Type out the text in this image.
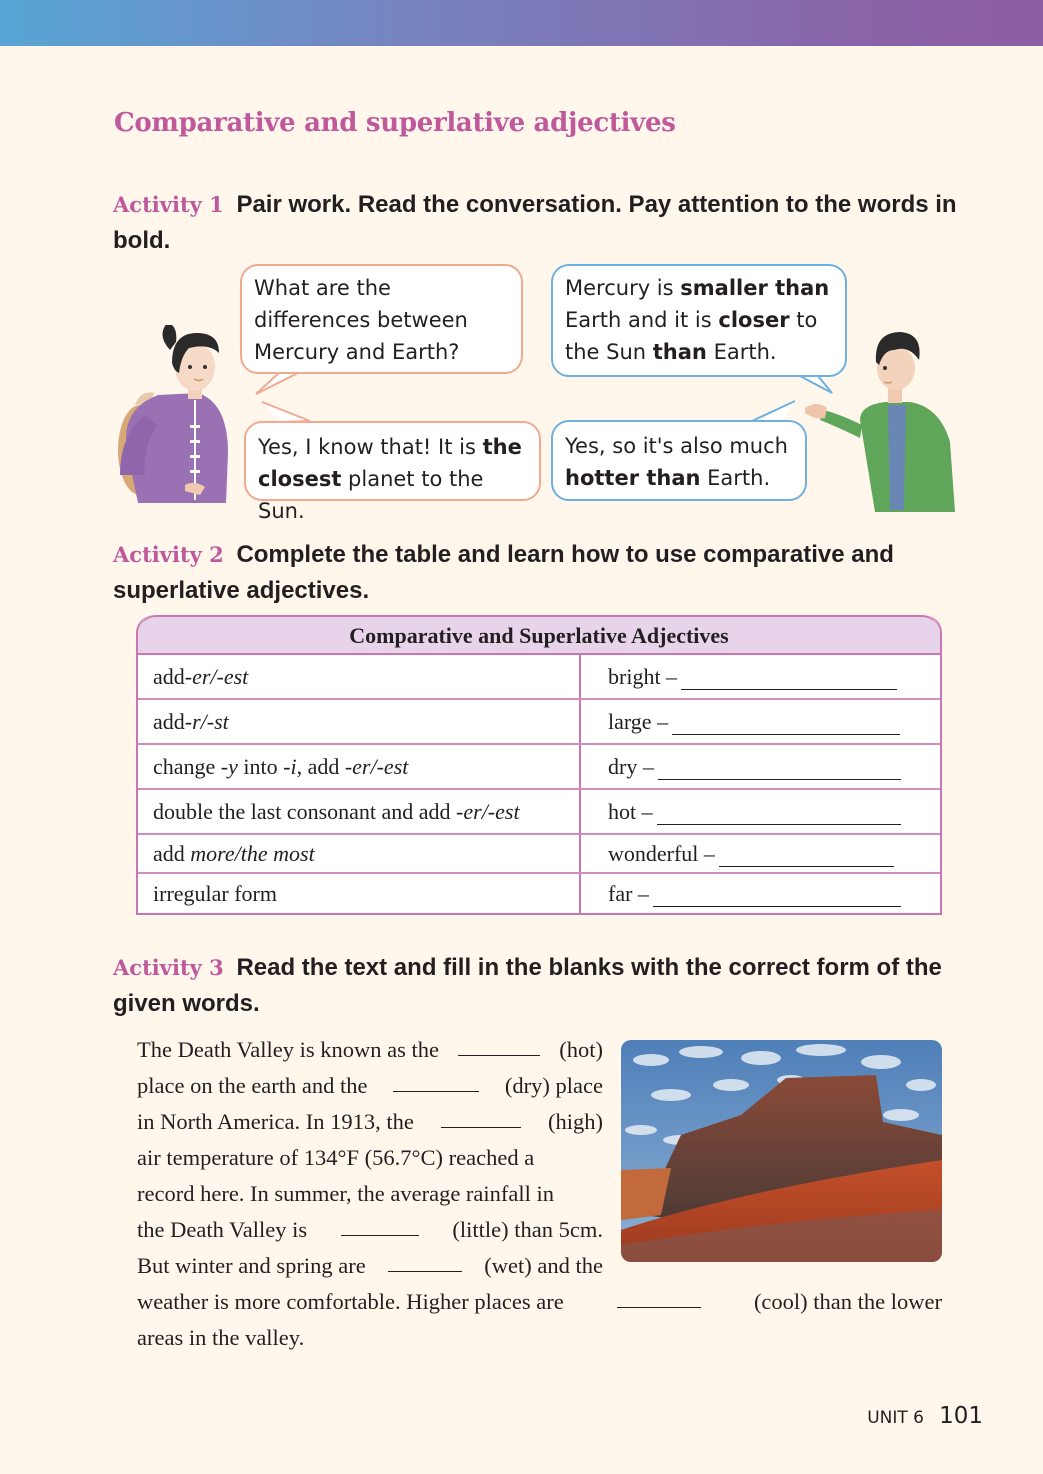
Comparative and superlative adjectives
Activity 1 Pair work. Read the conversation. Pay attention to the words in bold.
What are the differences between Mercury and Earth?
Mercury is smaller than Earth and it is closer to the Sun than Earth.
Yes, I know that! It is the closest planet to the Sun.
Yes, so it's also much hotter than Earth.
Activity 2 Complete the table and learn how to use comparative and superlative adjectives.
Comparative and Superlative Adjectives
add -er/-est	bright –
add -r/-st	large –
change -y into -i, add -er/-est	dry –
double the last consonant and add -er/-est	hot –
add more/the most	wonderful –
irregular form	far –
Activity 3 Read the text and fill in the blanks with the correct form of the given words.
The Death Valley is known as the	(hot)
place on the earth and the	(dry) place
in North America. In 1913, the	(high)
air temperature of 134°F (56.7°C) reached a
record here. In summer, the average rainfall in
the Death Valley is	(little) than 5cm.
But winter and spring are	(wet) and the
weather is more comfortable. Higher places are	(cool) than the lower
areas in the valley.
UNIT 6 101
